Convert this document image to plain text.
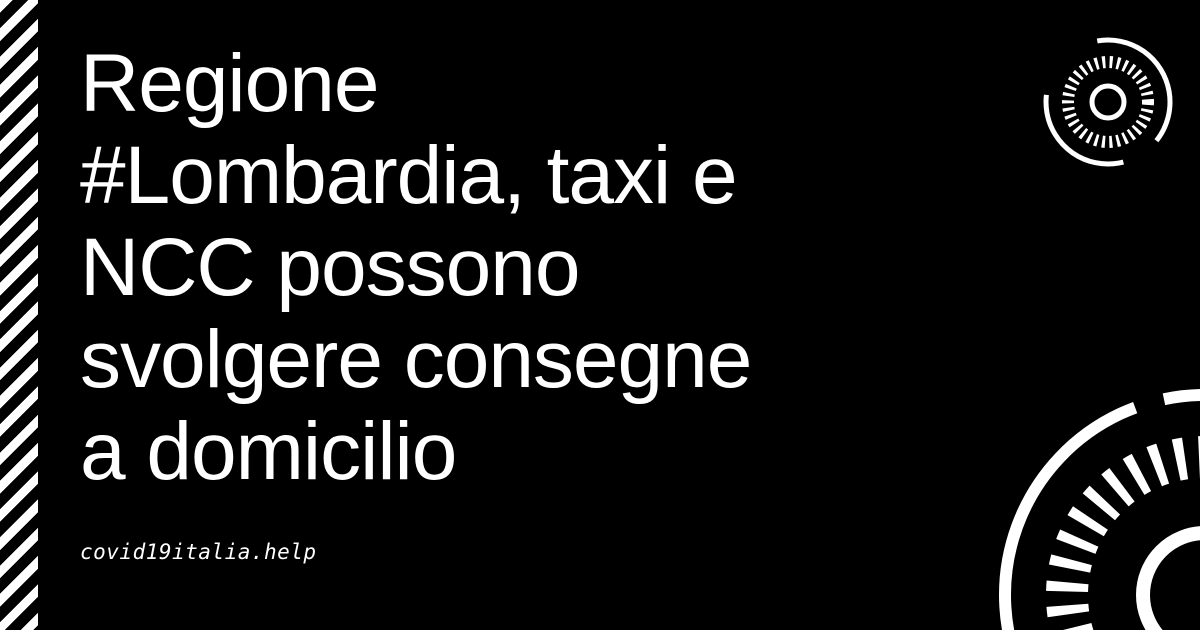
Regione
#Lombardia, taxi e
NCC possono
svolgere consegne
a domicilio
covid19italia.help
